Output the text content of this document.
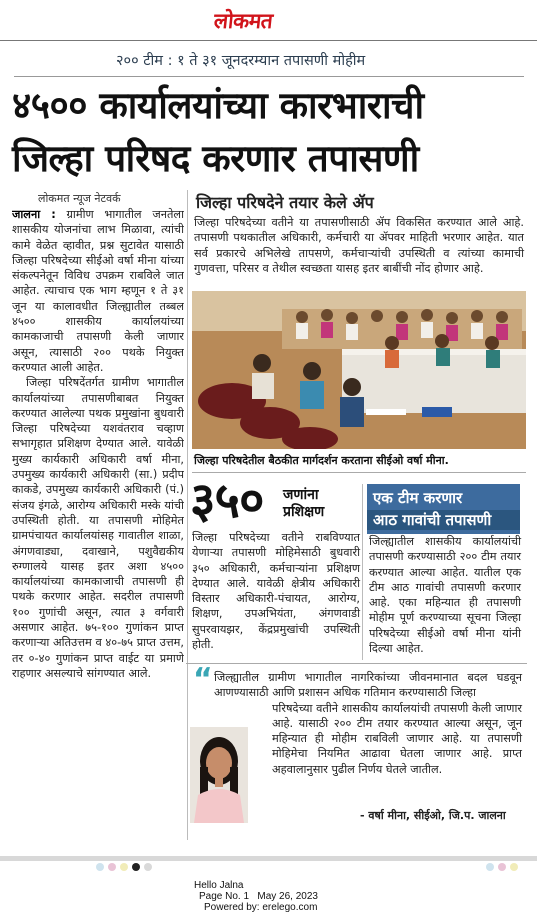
लोकमत
२०० टीम : १ ते ३१ जूनदरम्यान तपासणी मोहीम
४५०० कार्यालयांच्या कारभाराची
जिल्हा परिषद करणार तपासणी
लोकमत न्यूज नेटवर्क

जालना : ग्रामीण भागातील जनतेला शासकीय योजनांचा लाभ मिळावा, त्यांची कामे वेळेत व्हावीत, प्रश्न सुटावेत यासाठी जिल्हा परिषदेच्या सीईओ वर्षा मीना यांच्या संकल्पनेतून विविध उपक्रम राबविले जात आहेत. त्याचाच एक भाग म्हणून १ ते ३१ जून या कालावधीत जिल्ह्यातील तब्बल ४५०० शासकीय कार्यालयांच्या कामकाजाची तपासणी केली जाणार असून, त्यासाठी २०० पथके नियुक्त करण्यात आली आहेत.

जिल्हा परिषदेंतर्गत ग्रामीण भागातील कार्यालयांच्या तपासणीबाबत नियुक्त करण्यात आलेल्या पथक प्रमुखांना बुधवारी जिल्हा परिषदेच्या यशवंतराव चव्हाण सभागृहात प्रशिक्षण देण्यात आले. यावेळी मुख्य कार्यकारी अधिकारी वर्षा मीना, उपमुख्य कार्यकारी अधिकारी (सा.) प्रदीप काकडे, उपमुख्य कार्यकारी अधिकारी (पं.) संजय इंगळे, आरोग्य अधिकारी मस्के यांची उपस्थिती होती. या तपासणी मोहिमेत ग्रामपंचायत कार्यालयांसह गावातील शाळा, अंगणवाड्या, दवाखाने, पशुवैद्यकीय रुग्णालये यासह इतर अशा ४५०० कार्यालयांच्या कामकाजाची तपासणी ही पथके करणार आहेत. सदरील तपासणी १०० गुणांची असून, त्यात ३ वर्गवारी असणार आहेत. ७५-१०० गुणांकन प्राप्त करणाऱ्या अतिउत्तम व ४०-७५ प्राप्त उत्तम, तर ०-४० गुणांकन प्राप्त वाईट या प्रमाणे राहणार असल्याचे सांगण्यात आले.

जिल्हा परिषदेने तयार केले ॲप
जिल्हा परिषदेच्या वतीने या तपासणीसाठी ॲप विकसित करण्यात आले आहे. तपासणी पथकातील अधिकारी, कर्मचारी या ॲपवर माहिती भरणार आहेत. यात सर्व प्रकारचे अभिलेखे तापसणे, कर्मचाऱ्यांची उपस्थिती व त्यांच्या कामाची गुणवत्ता, परिसर व तेथील स्वच्छता यासह इतर बाबींची नोंद होणार आहे.
जिल्हा परिषदेतील बैठकीत मार्गदर्शन करताना सीईओ वर्षा मीना.
३५० जणांना
प्रशिक्षण
जिल्हा परिषदेच्या वतीने राबविण्यात येणाऱ्या तपासणी मोहिमेसाठी बुधवारी ३५० अधिकारी, कर्मचाऱ्यांना प्रशिक्षण देण्यात आले. यावेळी क्षेत्रीय अधिकारी विस्तार अधिकारी-पंचायत, आरोग्य, शिक्षण, उपअभियंता, अंगणवाडी सुपरवायझर, केंद्रप्रमुखांची उपस्थिती होती.
एक टीम करणार
आठ गावांची तपासणी
जिल्ह्यातील शासकीय कार्यालयांची तपासणी करण्यासाठी २०० टीम तयार करण्यात आल्या आहेत. यातील एक टीम आठ गावांची तपासणी करणार आहे. एका महिन्यात ही तपासणी मोहीम पूर्ण करण्याच्या सूचना जिल्हा परिषदेच्या सीईओ वर्षा मीना यांनी दिल्या आहेत.
“ जिल्ह्यातील ग्रामीण भागातील नागरिकांच्या जीवनमानात बदल घडवून आणण्यासाठी आणि प्रशासन अधिक गतिमान करण्यासाठी जिल्हा
परिषदेच्या वतीने शासकीय कार्यालयांची तपासणी केली जाणार आहे. यासाठी २०० टीम तयार करण्यात आल्या असून, जून महिन्यात ही मोहीम राबविली जाणार आहे. या तपासणी मोहिमेचा नियमित आढावा घेतला जाणार आहे. प्राप्त अहवालानुसार पुढील निर्णय घेतले जातील.
- वर्षा मीना, सीईओ, जि.प. जालना
Hello Jalna
Page No. 1 May 26, 2023
Powered by: erelego.com
